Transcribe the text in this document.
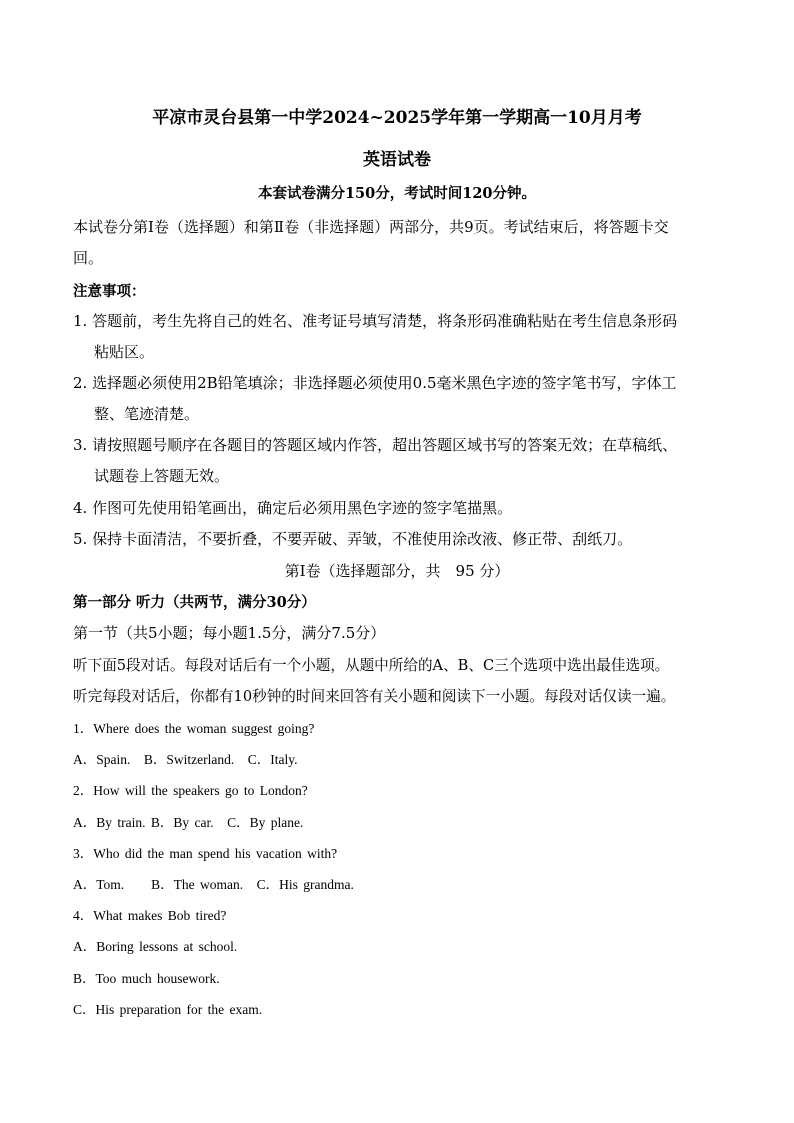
平凉市灵台县第一中学2024~2025学年第一学期高一10月月考
英语试卷
本套试卷满分150分，考试时间120分钟。
本试卷分第Ⅰ卷（选择题）和第Ⅱ卷（非选择题）两部分，共9页。考试结束后，将答题卡交
回。
注意事项：
1. 答题前，考生先将自己的姓名、准考证号填写清楚，将条形码准确粘贴在考生信息条形码
粘贴区。
2. 选择题必须使用2B铅笔填涂；非选择题必须使用0.5毫米黑色字迹的签字笔书写，字体工
整、笔迹清楚。
3. 请按照题号顺序在各题目的答题区域内作答，超出答题区域书写的答案无效；在草稿纸、
试题卷上答题无效。
4. 作图可先使用铅笔画出，确定后必须用黑色字迹的签字笔描黑。
5. 保持卡面清洁，不要折叠，不要弄破、弄皱，不准使用涂改液、修正带、刮纸刀。
第Ⅰ卷（选择题部分，共　95 分）
第一部分 听力（共两节，满分30分）
第一节（共5小题；每小题1.5分，满分7.5分）
听下面5段对话。每段对话后有一个小题，从题中所给的A、B、C三个选项中选出最佳选项。
听完每段对话后，你都有10秒钟的时间来回答有关小题和阅读下一小题。每段对话仅读一遍。
1．Where does the woman suggest going?
A．Spain.　B．Switzerland.　C．Italy.
2．How will the speakers go to London?
A．By train. B．By car.　C．By plane.
3．Who did the man spend his vacation with?
A．Tom.　　B．The woman.　C．His grandma.
4．What makes Bob tired?
A．Boring lessons at school.
B．Too much housework.
C．His preparation for the exam.
